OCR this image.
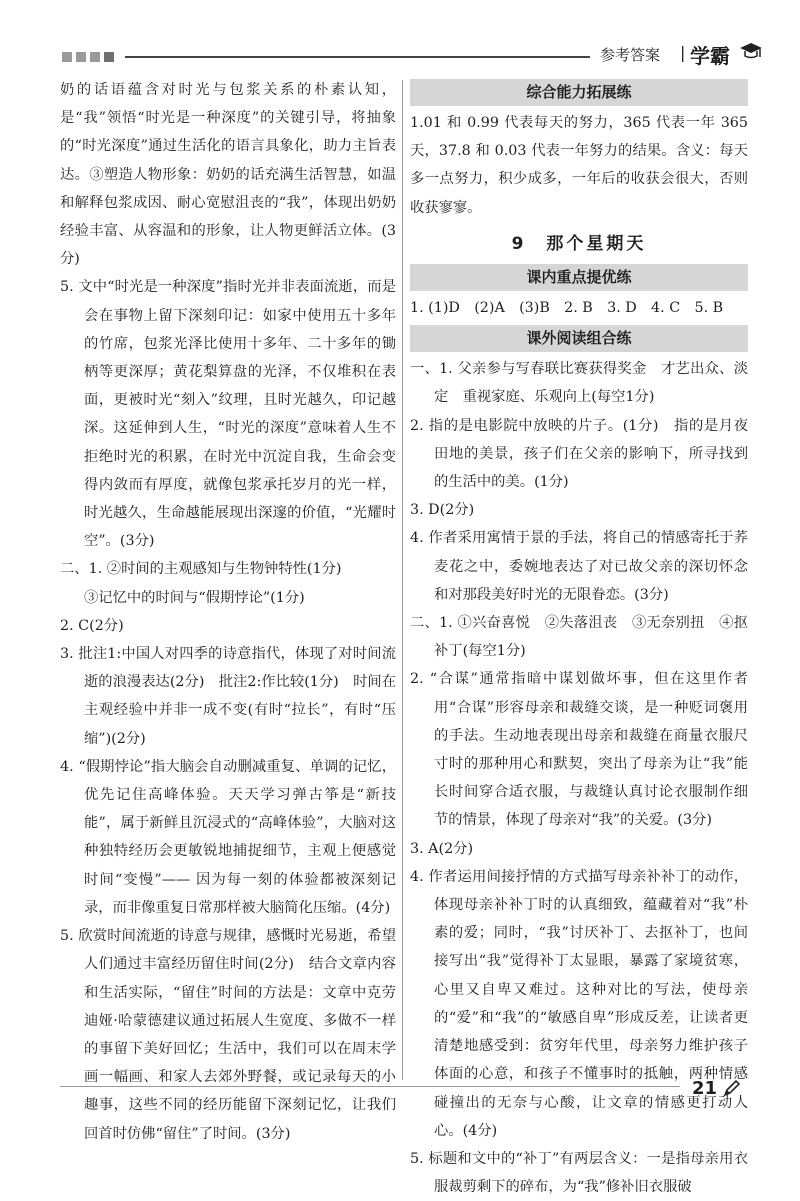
参考答案 | 学霸

奶的话语蕴含对时光与包浆关系的朴素认知，是“我”领悟“时光是一种深度”的关键引导，将抽象的“时光深度”通过生活化的语言具象化，助力主旨表达。③塑造人物形象：奶奶的话充满生活智慧，如温和解释包浆成因、耐心宽慰沮丧的“我”，体现出奶奶经验丰富、从容温和的形象，让人物更鲜活立体。(3分)

5. 文中“时光是一种深度”指时光并非表面流逝，而是会在事物上留下深刻印记：如家中使用五十多年的竹席，包浆光泽比使用十多年、二十多年的锄柄等更深厚；黄花梨算盘的光泽，不仅堆积在表面，更被时光“刻入”纹理，且时光越久，印记越深。这延伸到人生，“时光的深度”意味着人生不拒绝时光的积累，在时光中沉淀自我，生命会变得内敛而有厚度，就像包浆承托岁月的光一样，时光越久，生命越能展现出深邃的价值，“光耀时空”。(3分)

二、1. ②时间的主观感知与生物钟特性(1分)

③记忆中的时间与“假期悖论”(1分)

2. C(2分)

3. 批注1:中国人对四季的诗意指代，体现了对时间流逝的浪漫表达(2分)　批注2:作比较(1分)　时间在主观经验中并非一成不变(有时“拉长”，有时“压缩”)(2分)

4. “假期悖论”指大脑会自动删减重复、单调的记忆，优先记住高峰体验。天天学习弹古筝是“新技能”，属于新鲜且沉浸式的“高峰体验”，大脑对这种独特经历会更敏锐地捕捉细节，主观上便感觉时间“变慢”—— 因为每一刻的体验都被深刻记录，而非像重复日常那样被大脑简化压缩。(4分)

5. 欣赏时间流逝的诗意与规律，感慨时光易逝，希望人们通过丰富经历留住时间(2分)　结合文章内容和生活实际，“留住”时间的方法是：文章中克劳迪娅·哈蒙德建议通过拓展人生宽度、多做不一样的事留下美好回忆；生活中，我们可以在周末学画一幅画、和家人去郊外野餐，或记录每天的小趣事，这些不同的经历能留下深刻记忆，让我们回首时仿佛“留住”了时间。(3分)

综合能力拓展练

1.01 和 0.99 代表每天的努力，365 代表一年 365 天，37.8 和 0.03 代表一年努力的结果。含义：每天多一点努力，积少成多，一年后的收获会很大，否则收获寥寥。

9　那个星期天
课内重点提优练

1. (1)D　(2)A　(3)B　2. B　3. D　4. C　5. B

课外阅读组合练

一、1. 父亲参与写春联比赛获得奖金　才艺出众、淡定　重视家庭、乐观向上(每空1分)

2. 指的是电影院中放映的片子。(1分)　指的是月夜田地的美景，孩子们在父亲的影响下，所寻找到的生活中的美。(1分)

3. D(2分)

4. 作者采用寓情于景的手法，将自己的情感寄托于荞麦花之中，委婉地表达了对已故父亲的深切怀念和对那段美好时光的无限眷恋。(3分)

二、1. ①兴奋喜悦　②失落沮丧　③无奈别扭　④抠补丁(每空1分)

2. “合谋”通常指暗中谋划做坏事，但在这里作者用“合谋”形容母亲和裁缝交谈，是一种贬词褒用的手法。生动地表现出母亲和裁缝在商量衣服尺寸时的那种用心和默契，突出了母亲为让“我”能长时间穿合适衣服，与裁缝认真讨论衣服制作细节的情景，体现了母亲对“我”的关爱。(3分)

3. A(2分)

4. 作者运用间接抒情的方式描写母亲补补丁的动作，体现母亲补补丁时的认真细致，蕴藏着对“我”朴素的爱；同时，“我”讨厌补丁、去抠补丁，也间接写出“我”觉得补丁太显眼，暴露了家境贫寒，心里又自卑又难过。这种对比的写法，使母亲的“爱”和“我”的“敏感自卑”形成反差，让读者更清楚地感受到：贫穷年代里，母亲努力维护孩子体面的心意，和孩子不懂事时的抵触，两种情感碰撞出的无奈与心酸，让文章的情感更打动人心。(4分)

5. 标题和文中的“补丁”有两层含义：一是指母亲用衣服裁剪剩下的碎布，为“我”修补旧衣服破

21
